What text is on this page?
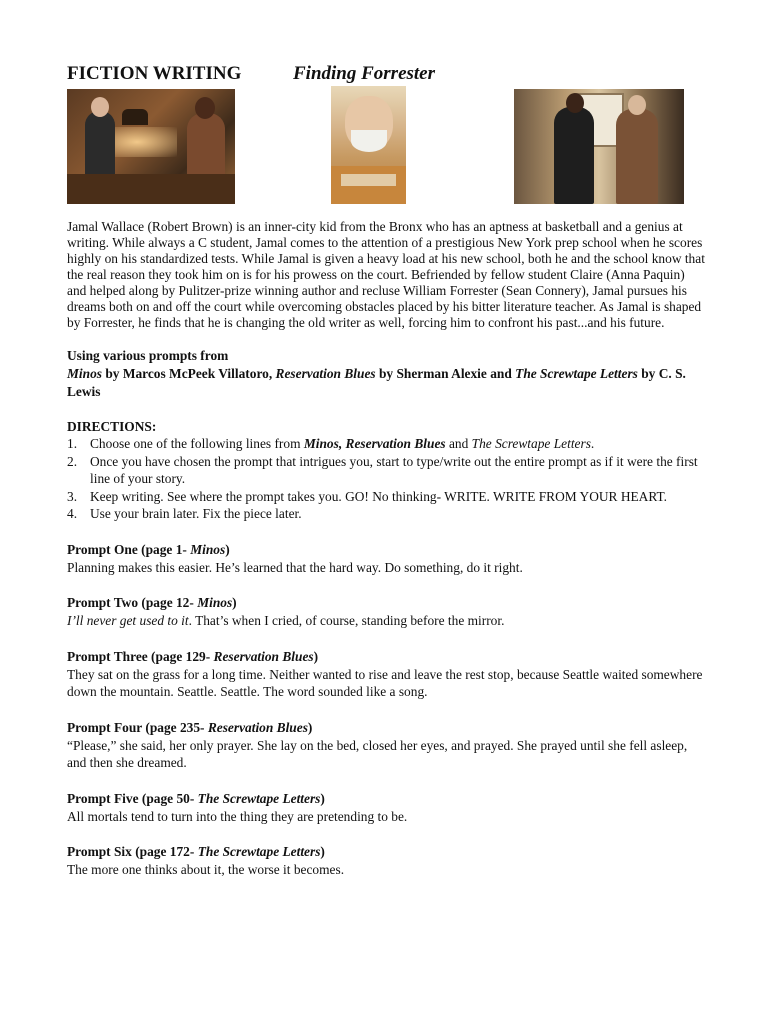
FICTION WRITING	Finding Forrester

Jamal Wallace (Robert Brown) is an inner-city kid from the Bronx who has an aptness at basketball and a genius at writing. While always a C student, Jamal comes to the attention of a prestigious New York prep school when he scores highly on his standardized tests. While Jamal is given a heavy load at his new school, both he and the school know that the real reason they took him on is for his prowess on the court. Befriended by fellow student Claire (Anna Paquin) and helped along by Pulitzer-prize winning author and recluse William Forrester (Sean Connery), Jamal pursues his dreams both on and off the court while overcoming obstacles placed by his bitter literature teacher. As Jamal is shaped by Forrester, he finds that he is changing the old writer as well, forcing him to confront his past...and his future.

Using various prompts from
Minos by Marcos McPeek Villatoro, Reservation Blues by Sherman Alexie and The Screwtape Letters by C. S. Lewis
DIRECTIONS:
1. Choose one of the following lines from Minos, Reservation Blues and The Screwtape Letters.
2. Once you have chosen the prompt that intrigues you, start to type/write out the entire prompt as if it were the first line of your story.
3. Keep writing. See where the prompt takes you. GO! No thinking- WRITE. WRITE FROM YOUR HEART.
4. Use your brain later. Fix the piece later.
Prompt One (page 1- Minos)
Planning makes this easier. He’s learned that the hard way. Do something, do it right.
Prompt Two (page 12- Minos)
I’ll never get used to it. That’s when I cried, of course, standing before the mirror.
Prompt Three (page 129- Reservation Blues)
They sat on the grass for a long time. Neither wanted to rise and leave the rest stop, because Seattle waited somewhere down the mountain. Seattle. Seattle. The word sounded like a song.
Prompt Four (page 235- Reservation Blues)
“Please,” she said, her only prayer. She lay on the bed, closed her eyes, and prayed. She prayed until she fell asleep, and then she dreamed.
Prompt Five (page 50- The Screwtape Letters)
All mortals tend to turn into the thing they are pretending to be.
Prompt Six (page 172- The Screwtape Letters)
The more one thinks about it, the worse it becomes.
